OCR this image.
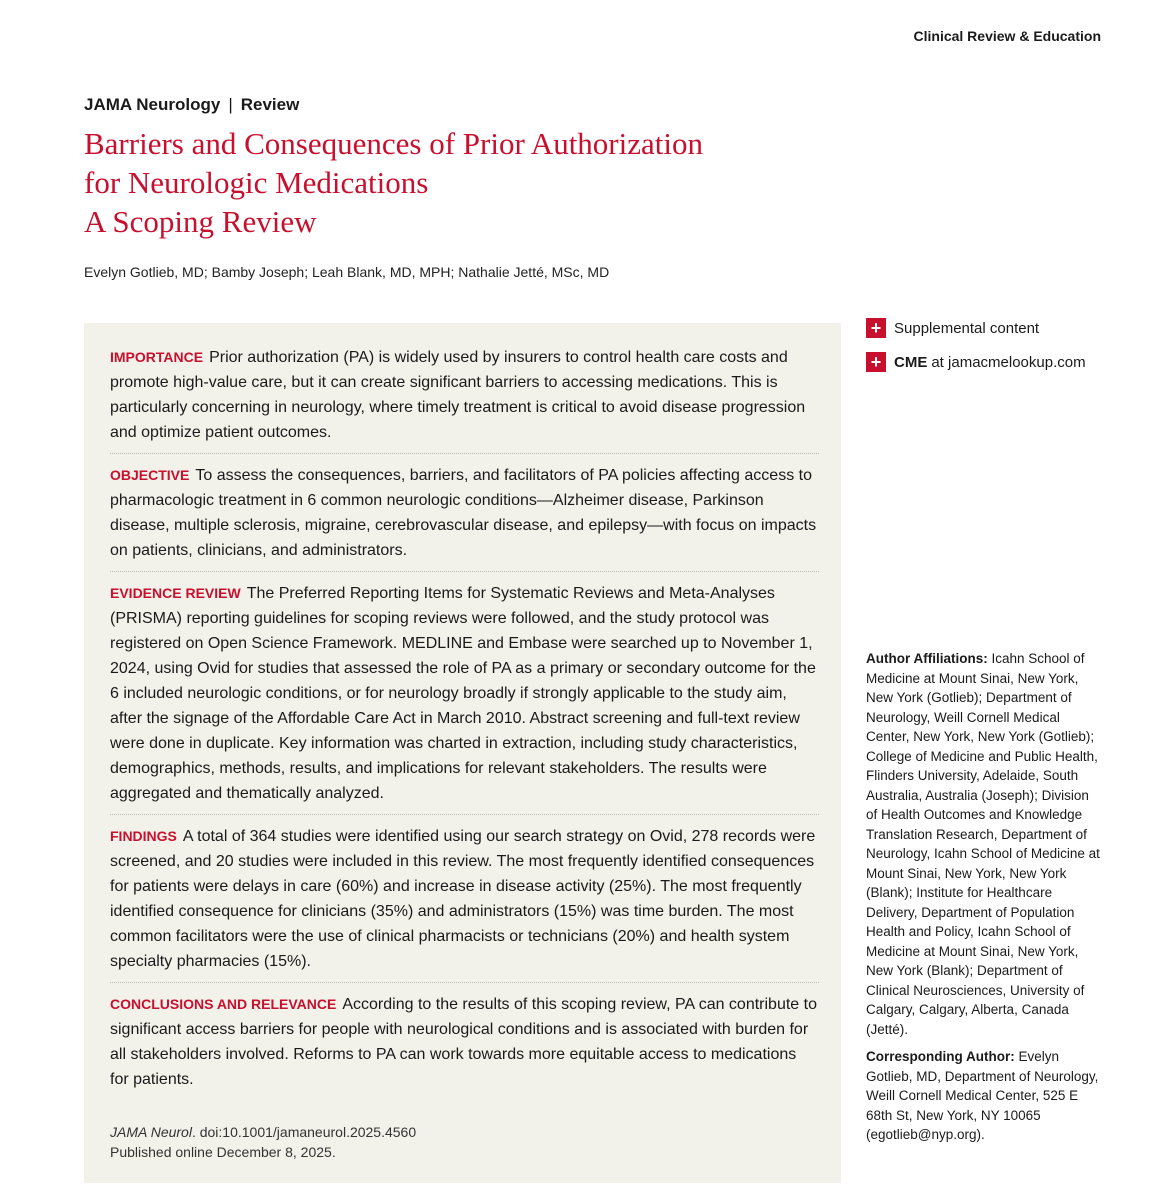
Clinical Review & Education
JAMA Neurology | Review
Barriers and Consequences of Prior Authorization
for Neurologic Medications
A Scoping Review
Evelyn Gotlieb, MD; Bamby Joseph; Leah Blank, MD, MPH; Nathalie Jetté, MSc, MD
IMPORTANCE Prior authorization (PA) is widely used by insurers to control health care costs and promote high-value care, but it can create significant barriers to accessing medications. This is particularly concerning in neurology, where timely treatment is critical to avoid disease progression and optimize patient outcomes.
OBJECTIVE To assess the consequences, barriers, and facilitators of PA policies affecting access to pharmacologic treatment in 6 common neurologic conditions—Alzheimer disease, Parkinson disease, multiple sclerosis, migraine, cerebrovascular disease, and epilepsy—with focus on impacts on patients, clinicians, and administrators.
EVIDENCE REVIEW The Preferred Reporting Items for Systematic Reviews and Meta-Analyses (PRISMA) reporting guidelines for scoping reviews were followed, and the study protocol was registered on Open Science Framework. MEDLINE and Embase were searched up to November 1, 2024, using Ovid for studies that assessed the role of PA as a primary or secondary outcome for the 6 included neurologic conditions, or for neurology broadly if strongly applicable to the study aim, after the signage of the Affordable Care Act in March 2010. Abstract screening and full-text review were done in duplicate. Key information was charted in extraction, including study characteristics, demographics, methods, results, and implications for relevant stakeholders. The results were aggregated and thematically analyzed.
FINDINGS A total of 364 studies were identified using our search strategy on Ovid, 278 records were screened, and 20 studies were included in this review. The most frequently identified consequences for patients were delays in care (60%) and increase in disease activity (25%). The most frequently identified consequence for clinicians (35%) and administrators (15%) was time burden. The most common facilitators were the use of clinical pharmacists or technicians (20%) and health system specialty pharmacies (15%).
CONCLUSIONS AND RELEVANCE According to the results of this scoping review, PA can contribute to significant access barriers for people with neurological conditions and is associated with burden for all stakeholders involved. Reforms to PA can work towards more equitable access to medications for patients.
JAMA Neurol. doi:10.1001/jamaneurol.2025.4560
Published online December 8, 2025.
+ Supplemental content
+ CME at jamacmelookup.com

Author Affiliations: Icahn School of Medicine at Mount Sinai, New York, New York (Gotlieb); Department of Neurology, Weill Cornell Medical Center, New York, New York (Gotlieb); College of Medicine and Public Health, Flinders University, Adelaide, South Australia, Australia (Joseph); Division of Health Outcomes and Knowledge Translation Research, Department of Neurology, Icahn School of Medicine at Mount Sinai, New York, New York (Blank); Institute for Healthcare Delivery, Department of Population Health and Policy, Icahn School of Medicine at Mount Sinai, New York, New York (Blank); Department of Clinical Neurosciences, University of Calgary, Calgary, Alberta, Canada (Jetté).

Corresponding Author: Evelyn Gotlieb, MD, Department of Neurology, Weill Cornell Medical Center, 525 E 68th St, New York, NY 10065 (egotlieb@nyp.org).
